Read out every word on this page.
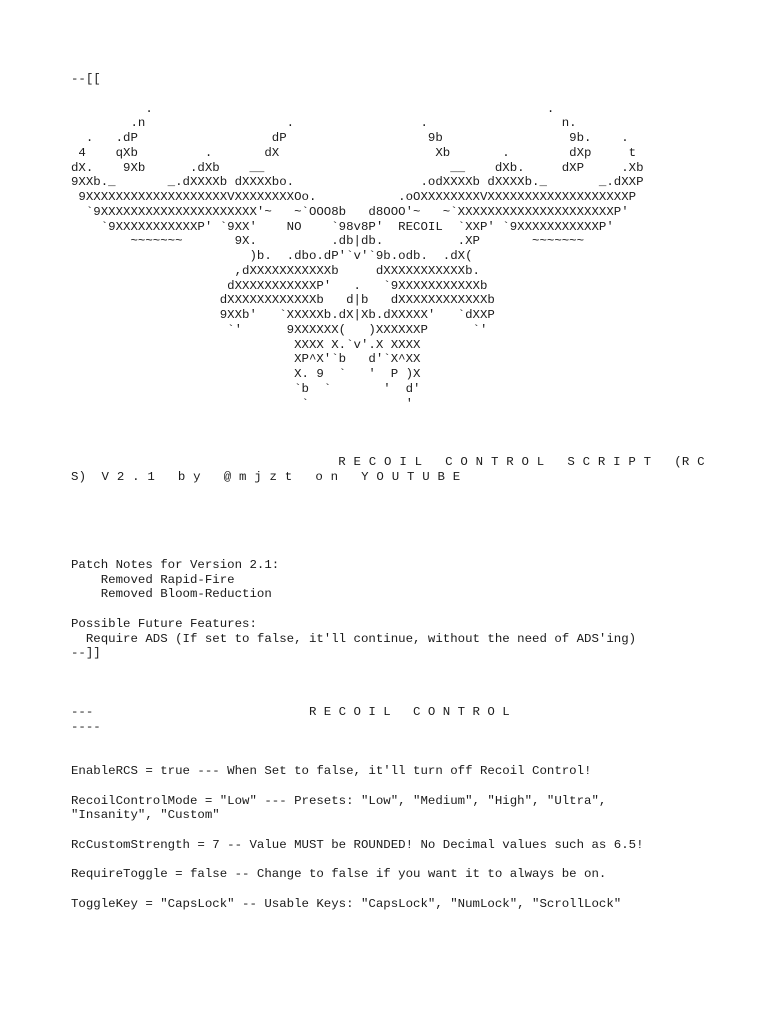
--[[

.                                                     .
.n                   .                 .                  n.
.   .dP                  dP                   9b                 9b.    .
4    qXb         .       dX                     Xb       .        dXp     t
dX.    9Xb      .dXb    __                         __    dXb.     dXP     .Xb
9XXb._       _.dXXXXb dXXXXbo.                 .odXXXXb dXXXXb._       _.dXXP
9XXXXXXXXXXXXXXXXXXXVXXXXXXXXOo.           .oOXXXXXXXXVXXXXXXXXXXXXXXXXXXXP
`9XXXXXXXXXXXXXXXXXXXXX'~   ~`OOO8b   d8OOO'~   ~`XXXXXXXXXXXXXXXXXXXXXP'
`9XXXXXXXXXXXP' `9XX'    NO    `98v8P'  RECOIL  `XXP' `9XXXXXXXXXXXP'
~~~~~~~       9X.          .db|db.          .XP       ~~~~~~~
)b.  .dbo.dP'`v'`9b.odb.  .dX(
,dXXXXXXXXXXXb     dXXXXXXXXXXXb.
dXXXXXXXXXXXP'   .   `9XXXXXXXXXXXb
dXXXXXXXXXXXXb   d|b   dXXXXXXXXXXXXb
9XXb'   `XXXXXb.dX|Xb.dXXXXX'   `dXXP
`'      9XXXXXX(   )XXXXXXP      `'
XXXX X.`v'.X XXXX
XP^X'`b   d'`X^XX
X. 9  `   '  P )X
`b  `       '  d'
`             '
R E C O I L   C O N T R O L   S C R I P T   (R C
S)  V 2 . 1   b y   @ m j z t   o n   Y O U T U B E
Patch Notes for Version 2.1:
Removed Rapid-Fire
Removed Bloom-Reduction
Possible Future Features:
Require ADS (If set to false, it'll continue, without the need of ADS'ing)
--]]
---                             R E C O I L   C O N T R O L
----
EnableRCS = true --- When Set to false, it'll turn off Recoil Control!
RecoilControlMode = "Low" --- Presets: "Low", "Medium", "High", "Ultra",
"Insanity", "Custom"
RcCustomStrength = 7 -- Value MUST be ROUNDED! No Decimal values such as 6.5!
RequireToggle = false -- Change to false if you want it to always be on.
ToggleKey = "CapsLock" -- Usable Keys: "CapsLock", "NumLock", "ScrollLock"
